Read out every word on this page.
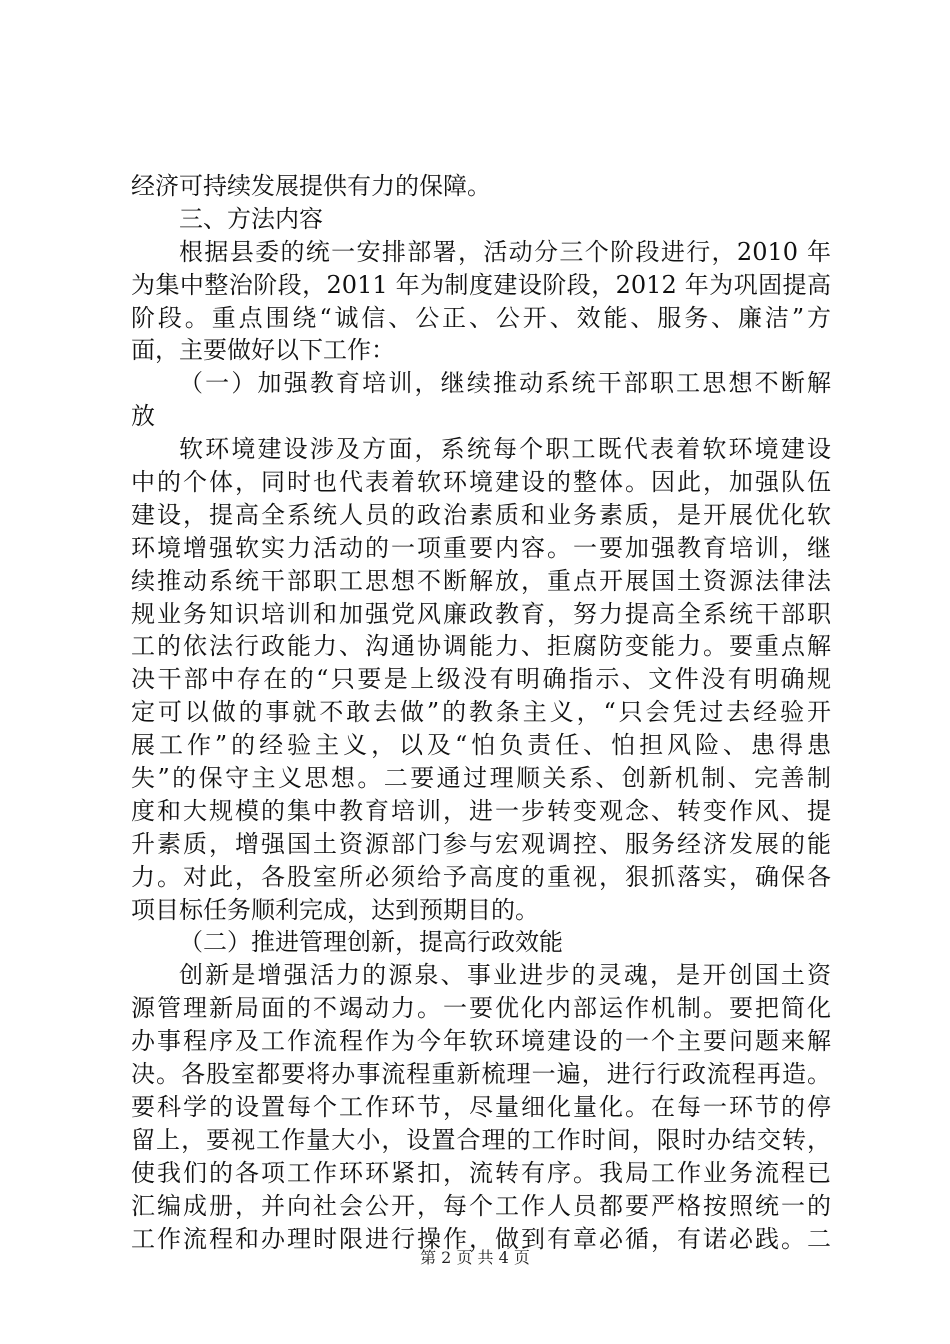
经济可持续发展提供有力的保障。
三、方法内容
根据县委的统一安排部署，活动分三个阶段进行，2010 年
为集中整治阶段，2011 年为制度建设阶段，2012 年为巩固提高
阶段。重点围绕“诚信、公正、公开、效能、服务、廉洁”方
面，主要做好以下工作：
（一）加强教育培训，继续推动系统干部职工思想不断解
放
软环境建设涉及方面，系统每个职工既代表着软环境建设
中的个体，同时也代表着软环境建设的整体。因此，加强队伍
建设，提高全系统人员的政治素质和业务素质，是开展优化软
环境增强软实力活动的一项重要内容。一要加强教育培训，继
续推动系统干部职工思想不断解放，重点开展国土资源法律法
规业务知识培训和加强党风廉政教育，努力提高全系统干部职
工的依法行政能力、沟通协调能力、拒腐防变能力。要重点解
决干部中存在的“只要是上级没有明确指示、文件没有明确规
定可以做的事就不敢去做”的教条主义，“只会凭过去经验开
展工作”的经验主义，以及“怕负责任、怕担风险、患得患
失”的保守主义思想。二要通过理顺关系、创新机制、完善制
度和大规模的集中教育培训，进一步转变观念、转变作风、提
升素质，增强国土资源部门参与宏观调控、服务经济发展的能
力。对此，各股室所必须给予高度的重视，狠抓落实，确保各
项目标任务顺利完成，达到预期目的。
（二）推进管理创新，提高行政效能
创新是增强活力的源泉、事业进步的灵魂，是开创国土资
源管理新局面的不竭动力。一要优化内部运作机制。要把简化
办事程序及工作流程作为今年软环境建设的一个主要问题来解
决。各股室都要将办事流程重新梳理一遍，进行行政流程再造。
要科学的设置每个工作环节，尽量细化量化。在每一环节的停
留上，要视工作量大小，设置合理的工作时间，限时办结交转，
使我们的各项工作环环紧扣，流转有序。我局工作业务流程已
汇编成册，并向社会公开，每个工作人员都要严格按照统一的
工作流程和办理时限进行操作，做到有章必循，有诺必践。二
第 2 页 共 4 页
